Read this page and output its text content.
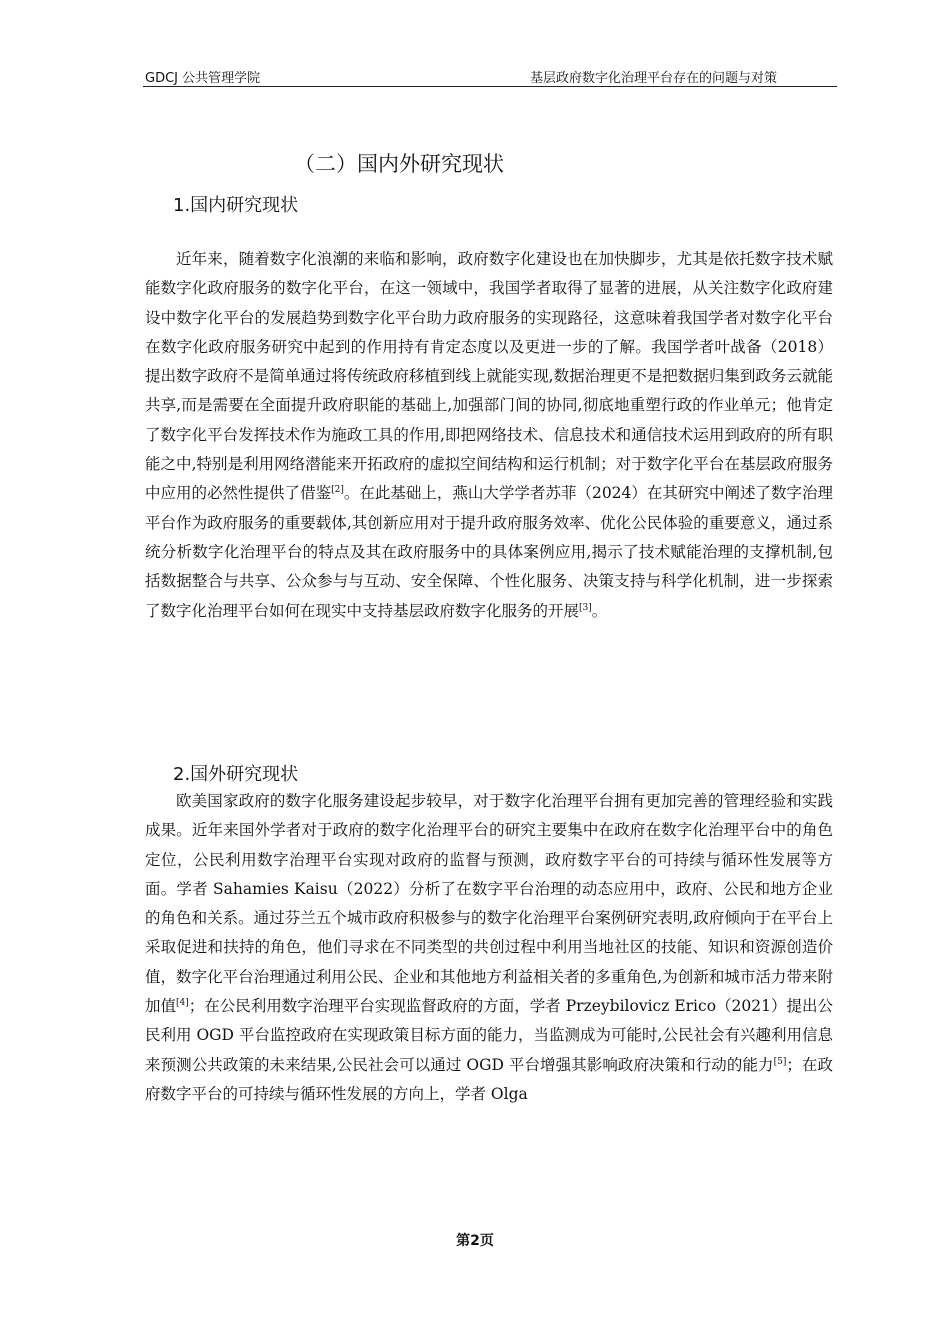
GDCJ 公共管理学院	基层政府数字化治理平台存在的问题与对策
（二）国内外研究现状
1.国内研究现状

近年来，随着数字化浪潮的来临和影响，政府数字化建设也在加快脚步，尤其是依托数字技术赋能数字化政府服务的数字化平台，在这一领域中，我国学者取得了显著的进展，从关注数字化政府建设中数字化平台的发展趋势到数字化平台助力政府服务的实现路径，这意味着我国学者对数字化平台在数字化政府服务研究中起到的作用持有肯定态度以及更进一步的了解。我国学者叶战备（2018）提出数字政府不是简单通过将传统政府移植到线上就能实现,数据治理更不是把数据归集到政务云就能共享,而是需要在全面提升政府职能的基础上,加强部门间的协同,彻底地重塑行政的作业单元；他肯定了数字化平台发挥技术作为施政工具的作用,即把网络技术、信息技术和通信技术运用到政府的所有职能之中,特别是利用网络潜能来开拓政府的虚拟空间结构和运行机制；对于数字化平台在基层政府服务中应用的必然性提供了借鉴[2]。在此基础上，燕山大学学者苏菲（2024）在其研究中阐述了数字治理平台作为政府服务的重要载体,其创新应用对于提升政府服务效率、优化公民体验的重要意义，通过系统分析数字化治理平台的特点及其在政府服务中的具体案例应用,揭示了技术赋能治理的支撑机制,包括数据整合与共享、公众参与与互动、安全保障、个性化服务、决策支持与科学化机制，进一步探索了数字化治理平台如何在现实中支持基层政府数字化服务的开展[3]。

2.国外研究现状

欧美国家政府的数字化服务建设起步较早，对于数字化治理平台拥有更加完善的管理经验和实践成果。近年来国外学者对于政府的数字化治理平台的研究主要集中在政府在数字化治理平台中的角色定位，公民利用数字治理平台实现对政府的监督与预测，政府数字平台的可持续与循环性发展等方面。学者 Sahamies Kaisu（2022）分析了在数字平台治理的动态应用中，政府、公民和地方企业的角色和关系。通过芬兰五个城市政府积极参与的数字化治理平台案例研究表明,政府倾向于在平台上采取促进和扶持的角色，他们寻求在不同类型的共创过程中利用当地社区的技能、知识和资源创造价值，数字化平台治理通过利用公民、企业和其他地方利益相关者的多重角色,为创新和城市活力带来附加值[4]；在公民利用数字治理平台实现监督政府的方面，学者 Przeybilovicz Erico（2021）提出公民利用 OGD 平台监控政府在实现政策目标方面的能力，当监测成为可能时,公民社会有兴趣利用信息来预测公共政策的未来结果,公民社会可以通过 OGD 平台增强其影响政府决策和行动的能力[5]；在政府数字平台的可持续与循环性发展的方向上，学者 Olga

第2页
